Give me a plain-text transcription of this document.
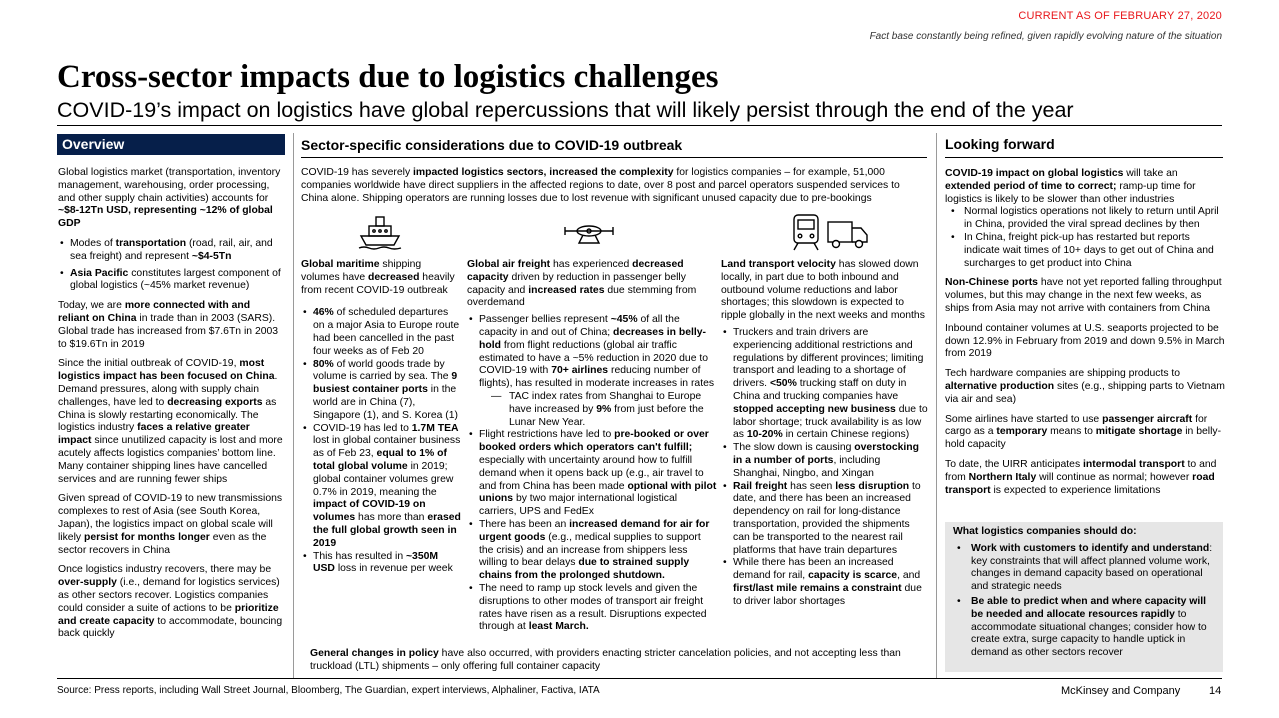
CURRENT AS OF FEBRUARY 27, 2020
Fact base constantly being refined, given rapidly evolving nature of the situation
Cross-sector impacts due to logistics challenges
COVID-19’s impact on logistics have global repercussions that will likely persist through the end of the year
Overview
Global logistics market (transportation, inventory management, warehousing, order processing, and other supply chain activities) accounts for ~$8-12Tn USD, representing ~12% of global GDP
• Modes of transportation (road, rail, air, and sea freight) and represent ~$4-5Tn
• Asia Pacific constitutes largest component of global logistics (~45% market revenue)
Today, we are more connected with and reliant on China in trade than in 2003 (SARS). Global trade has increased from $7.6Tn in 2003 to $19.6Tn in 2019
Since the initial outbreak of COVID-19, most logistics impact has been focused on China. Demand pressures, along with supply chain challenges, have led to decreasing exports as China is slowly restarting economically. The logistics industry faces a relative greater impact since unutilized capacity is lost and more acutely affects logistics companies’ bottom line. Many container shipping lines have cancelled services and are running fewer ships
Given spread of COVID-19 to new transmissions complexes to rest of Asia (see South Korea, Japan), the logistics impact on global scale will likely persist for months longer even as the sector recovers in China
Once logistics industry recovers, there may be over-supply (i.e., demand for logistics services) as other sectors recover. Logistics companies could consider a suite of actions to be prioritize and create capacity to accommodate, bouncing back quickly
Sector-specific considerations due to COVID-19 outbreak
COVID-19 has severely impacted logistics sectors, increased the complexity for logistics companies – for example, 51,000 companies worldwide have direct suppliers in the affected regions to date, over 8 post and parcel operators suspended services to China alone. Shipping operators are running losses due to lost revenue with significant unused capacity due to pre-bookings
Global maritime shipping volumes have decreased heavily from recent COVID-19 outbreak
• 46% of scheduled departures on a major Asia to Europe route had been cancelled in the past four weeks as of Feb 20
• 80% of world goods trade by volume is carried by sea. The 9 busiest container ports in the world are in China (7), Singapore (1), and S. Korea (1)
• COVID-19 has led to 1.7M TEA lost in global container business as of Feb 23, equal to 1% of total global volume in 2019; global container volumes grew 0.7% in 2019, meaning the impact of COVID-19 on volumes has more than erased the full global growth seen in 2019
• This has resulted in ~350M USD loss in revenue per week
Global air freight has experienced decreased capacity driven by reduction in passenger belly capacity and increased rates due stemming from overdemand
• Passenger bellies represent ~45% of all the capacity in and out of China; decreases in belly-hold from flight reductions (global air traffic estimated to have a ~5% reduction in 2020 due to COVID-19 with 70+ airlines reducing number of flights), has resulted in moderate increases in rates
— TAC index rates from Shanghai to Europe have increased by 9% from just before the Lunar New Year.
• Flight restrictions have led to pre-booked or over booked orders which operators can't fulfill; especially with uncertainty around how to fulfill demand when it opens back up (e.g., air travel to and from China has been made optional with pilot unions by two major international logistical carriers, UPS and FedEx
• There has been an increased demand for air for urgent goods (e.g., medical supplies to support the crisis) and an increase from shippers less willing to bear delays due to strained supply chains from the prolonged shutdown.
• The need to ramp up stock levels and given the disruptions to other modes of transport air freight rates have risen as a result. Disruptions expected through at least March.
Land transport velocity has slowed down locally, in part due to both inbound and outbound volume reductions and labor shortages; this slowdown is expected to ripple globally in the next weeks and months
• Truckers and train drivers are experiencing additional restrictions and regulations by different provinces; limiting transport and leading to a shortage of drivers. <50% trucking staff on duty in China and trucking companies have stopped accepting new business due to labor shortage; truck availability is as low as 10-20% in certain Chinese regions)
• The slow down is causing overstocking in a number of ports, including Shanghai, Ningbo, and Xingan
• Rail freight has seen less disruption to date, and there has been an increased dependency on rail for long-distance transportation, provided the shipments can be transported to the nearest rail platforms that have train departures
• While there has been an increased demand for rail, capacity is scarce, and first/last mile remains a constraint due to driver labor shortages
General changes in policy have also occurred, with providers enacting stricter cancelation policies, and not accepting less than truckload (LTL) shipments – only offering full container capacity
Looking forward
COVID-19 impact on global logistics will take an extended period of time to correct; ramp-up time for logistics is likely to be slower than other industries
• Normal logistics operations not likely to return until April in China, provided the viral spread declines by then
• In China, freight pick-up has restarted but reports indicate wait times of 10+ days to get out of China and surcharges to get product into China
Non-Chinese ports have not yet reported falling throughput volumes, but this may change in the next few weeks, as ships from Asia may not arrive with containers from China
Inbound container volumes at U.S. seaports projected to be down 12.9% in February from 2019 and down 9.5% in March from 2019
Tech hardware companies are shipping products to alternative production sites (e.g., shipping parts to Vietnam via air and sea)
Some airlines have started to use passenger aircraft for cargo as a temporary means to mitigate shortage in belly-hold capacity
To date, the UIRR anticipates intermodal transport to and from Northern Italy will continue as normal; however road transport is expected to experience limitations
What logistics companies should do:
• Work with customers to identify and understand: key constraints that will affect planned volume work, changes in demand capacity based on operational and strategic needs
• Be able to predict when and where capacity will be needed and allocate resources rapidly to accommodate situational changes; consider how to create extra, surge capacity to handle uptick in demand as other sectors recover
Source: Press reports, including Wall Street Journal, Bloomberg, The Guardian, expert interviews, Alphaliner, Factiva, IATA	McKinsey and Company	14
